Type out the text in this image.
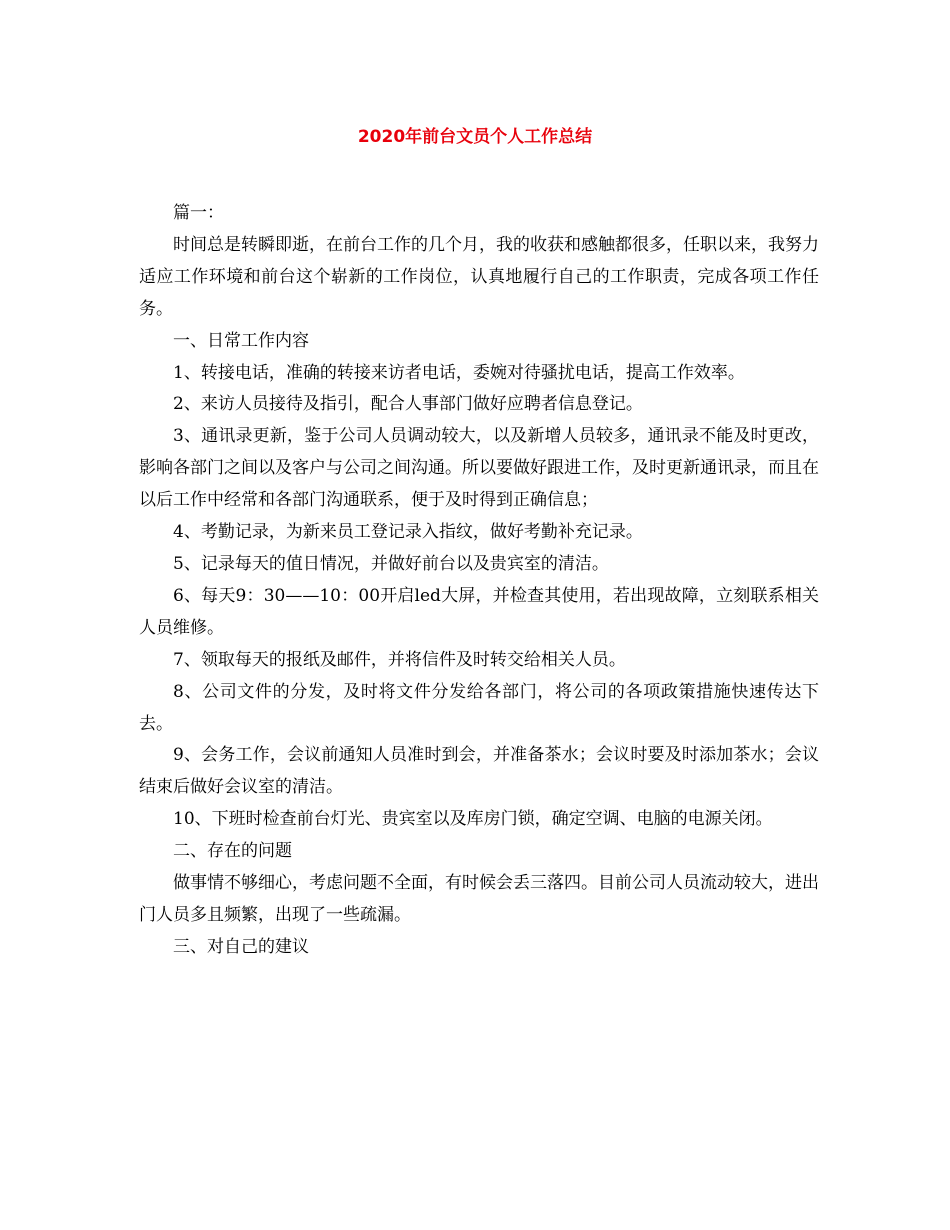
2020年前台文员个人工作总结

篇一：

时间总是转瞬即逝，在前台工作的几个月，我的收获和感触都很多，任职以来，我努力适应工作环境和前台这个崭新的工作岗位，认真地履行自己的工作职责，完成各项工作任务。

一、日常工作内容

1、转接电话，准确的转接来访者电话，委婉对待骚扰电话，提高工作效率。

2、来访人员接待及指引，配合人事部门做好应聘者信息登记。

3、通讯录更新，鉴于公司人员调动较大，以及新增人员较多，通讯录不能及时更改，影响各部门之间以及客户与公司之间沟通。所以要做好跟进工作，及时更新通讯录，而且在以后工作中经常和各部门沟通联系，便于及时得到正确信息；

4、考勤记录，为新来员工登记录入指纹，做好考勤补充记录。

5、记录每天的值日情况，并做好前台以及贵宾室的清洁。

6、每天9：30——10：00开启led大屏，并检查其使用，若出现故障，立刻联系相关人员维修。

7、领取每天的报纸及邮件，并将信件及时转交给相关人员。

8、公司文件的分发，及时将文件分发给各部门，将公司的各项政策措施快速传达下去。

9、会务工作，会议前通知人员准时到会，并准备茶水；会议时要及时添加茶水；会议结束后做好会议室的清洁。

10、下班时检查前台灯光、贵宾室以及库房门锁，确定空调、电脑的电源关闭。

二、存在的问题

做事情不够细心，考虑问题不全面，有时候会丢三落四。目前公司人员流动较大，进出门人员多且频繁，出现了一些疏漏。

三、对自己的建议
